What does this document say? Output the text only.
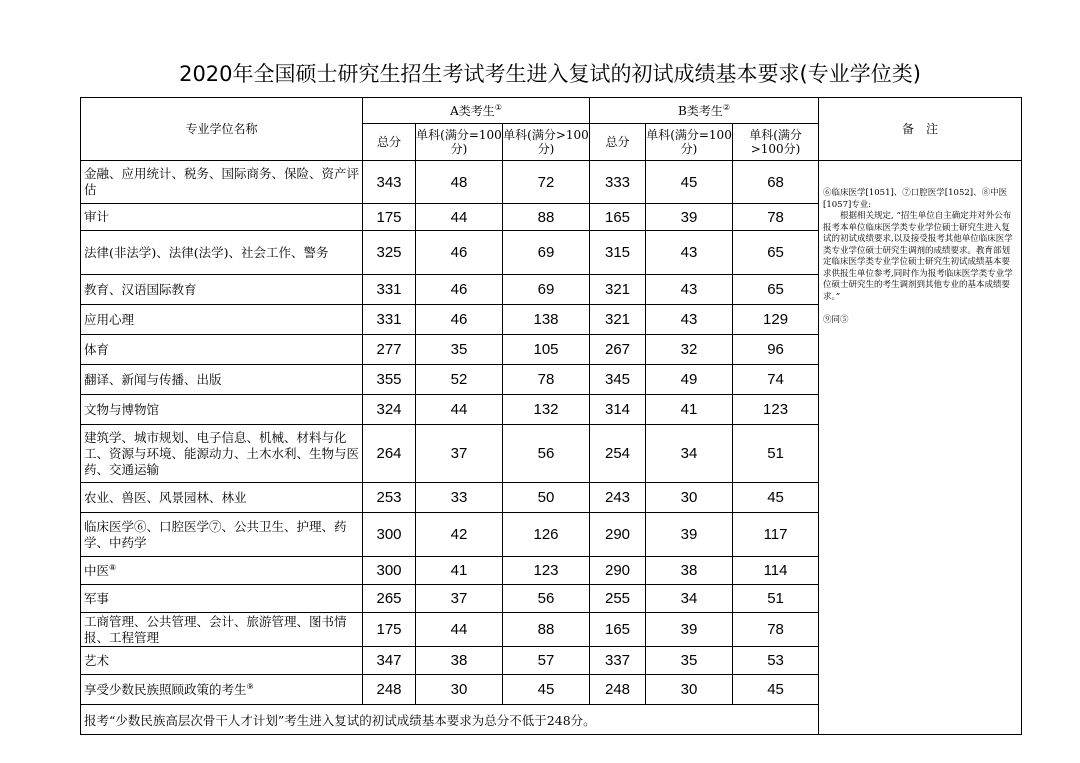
2020年全国硕士研究生招生考试考生进入复试的初试成绩基本要求(专业学位类)
专业学位名称	A类考生①			B类考生②			备　注
	总分	单科(满分=100分)	单科(满分>100分)	总分	单科(满分=100分)	单科(满分>100分)	
金融、应用统计、税务、国际商务、保险、资产评估	343	48	72	333	45	68	⑥临床医学[1051]、⑦口腔医学[1052]、⑧中医[1057]专业:

根据相关规定, “招生单位自主确定并对外公布报考本单位临床医学类专业学位硕士研究生进入复试的初试成绩要求,以及接受报考其他单位临床医学类专业学位硕士研究生调剂的成绩要求。教育部划定临床医学类专业学位硕士研究生初试成绩基本要求供报生单位参考,同时作为报考临床医学类专业学位硕士研究生的考生调剂到其他专业的基本成绩要求。”

⑨同⑤

审计	175	44	88	165	39	78	
法律(非法学)、法律(法学)、社会工作、警务	325	46	69	315	43	65	
教育、汉语国际教育	331	46	69	321	43	65	
应用心理	331	46	138	321	43	129	
体育	277	35	105	267	32	96	
翻译、新闻与传播、出版	355	52	78	345	49	74	
文物与博物馆	324	44	132	314	41	123	
建筑学、城市规划、电子信息、机械、材料与化工、资源与环境、能源动力、土木水利、生物与医药、交通运输	264	37	56	254	34	51	
农业、兽医、风景园林、林业	253	33	50	243	30	45	
临床医学⑥、口腔医学⑦、公共卫生、护理、药学、中药学	300	42	126	290	39	117	
中医⑧	300	41	123	290	38	114	
军事	265	37	56	255	34	51	
工商管理、公共管理、会计、旅游管理、图书情报、工程管理	175	44	88	165	39	78	
艺术	347	38	57	337	35	53	
享受少数民族照顾政策的考生⑨	248	30	45	248	30	45	
报考“少数民族高层次骨干人才计划”考生进入复试的初试成绩基本要求为总分不低于248分。							
